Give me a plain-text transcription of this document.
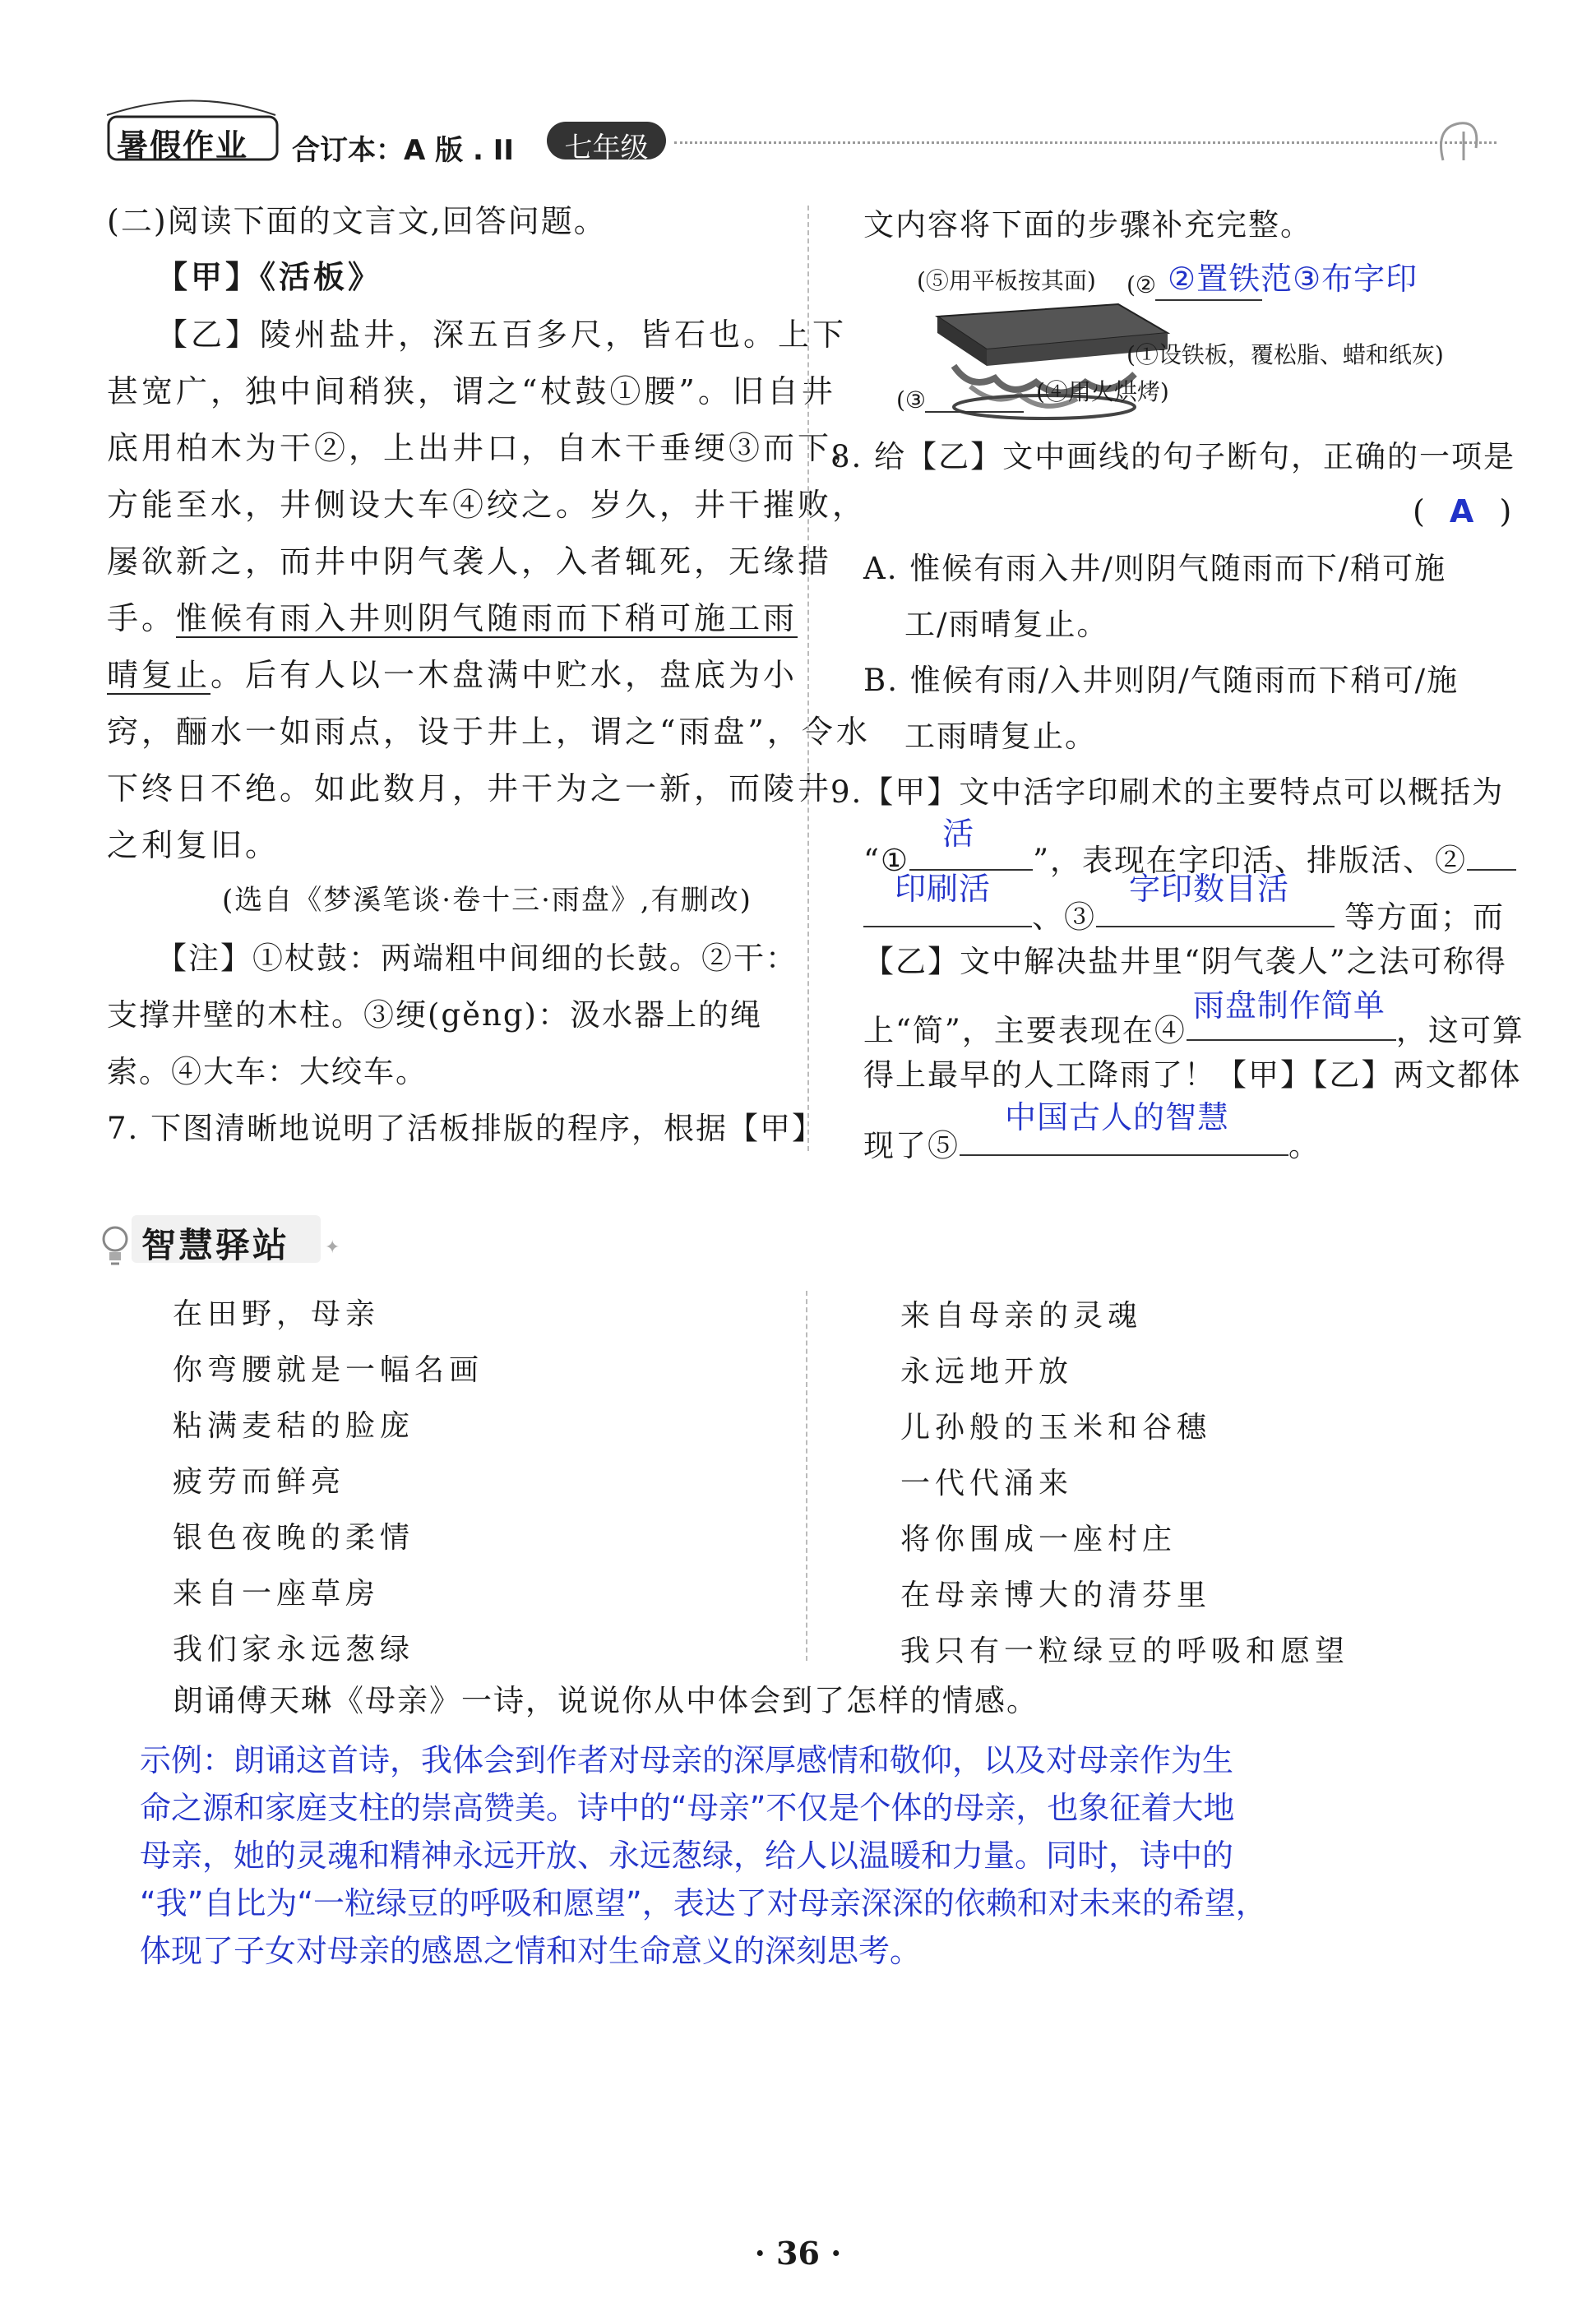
暑假作业 合订本：A 版 . II	七年级
(二)阅读下面的文言文,回答问题。
【甲】《活板》
【乙】陵州盐井，深五百多尺，皆石也。上下
甚宽广，独中间稍狭，谓之“杖鼓①腰”。旧自井
底用柏木为干②，上出井口，自木干垂绠③而下，
方能至水，井侧设大车④绞之。岁久，井干摧败，
屡欲新之，而井中阴气袭人，入者辄死，无缘措
手。惟候有雨入井则阴气随雨而下稍可施工雨
晴复止。后有人以一木盘满中贮水，盘底为小
窍，酾水一如雨点，设于井上，谓之“雨盘”，令水
下终日不绝。如此数月，井干为之一新，而陵井
之利复旧。
(选自《梦溪笔谈·卷十三·雨盘》,有删改)
【注】①杖鼓：两端粗中间细的长鼓。②干：
支撑井壁的木柱。③绠(gěng)：汲水器上的绳
索。④大车：大绞车。
7. 下图清晰地说明了活板排版的程序，根据【甲】
文内容将下面的步骤补充完整。
(⑤用平板按其面) (② ②置铁范③布字印
(①设铁板，覆松脂、蜡和纸灰)
(③	(④用火烘烤)
8. 给【乙】文中画线的句子断句，正确的一项是
( A )
A. 惟候有雨入井/则阴气随雨而下/稍可施
工/雨晴复止。
B. 惟候有雨/入井则阴/气随雨而下稍可/施
工雨晴复止。
9.【甲】文中活字印刷术的主要特点可以概括为
“①
活
”，表现在字印活、排版活、②
印刷活
、③
字印数目活
等方面；而
【乙】文中解决盐井里“阴气袭人”之法可称得
上“简”，主要表现在④
雨盘制作简单
，这可算
得上最早的人工降雨了！【甲】【乙】两文都体
现了⑤
中国古人的智慧
。
智慧驿站 ✦
在田野，母亲
你弯腰就是一幅名画
粘满麦秸的脸庞
疲劳而鲜亮
银色夜晚的柔情
来自一座草房
我们家永远葱绿
来自母亲的灵魂
永远地开放
儿孙般的玉米和谷穗
一代代涌来
将你围成一座村庄
在母亲博大的清芬里
我只有一粒绿豆的呼吸和愿望
朗诵傅天琳《母亲》一诗，说说你从中体会到了怎样的情感。
示例：朗诵这首诗，我体会到作者对母亲的深厚感情和敬仰，以及对母亲作为生
命之源和家庭支柱的崇高赞美。诗中的“母亲”不仅是个体的母亲，也象征着大地
母亲，她的灵魂和精神永远开放、永远葱绿，给人以温暖和力量。同时，诗中的
“我”自比为“一粒绿豆的呼吸和愿望”，表达了对母亲深深的依赖和对未来的希望，
体现了子女对母亲的感恩之情和对生命意义的深刻思考。
· 36 ·
